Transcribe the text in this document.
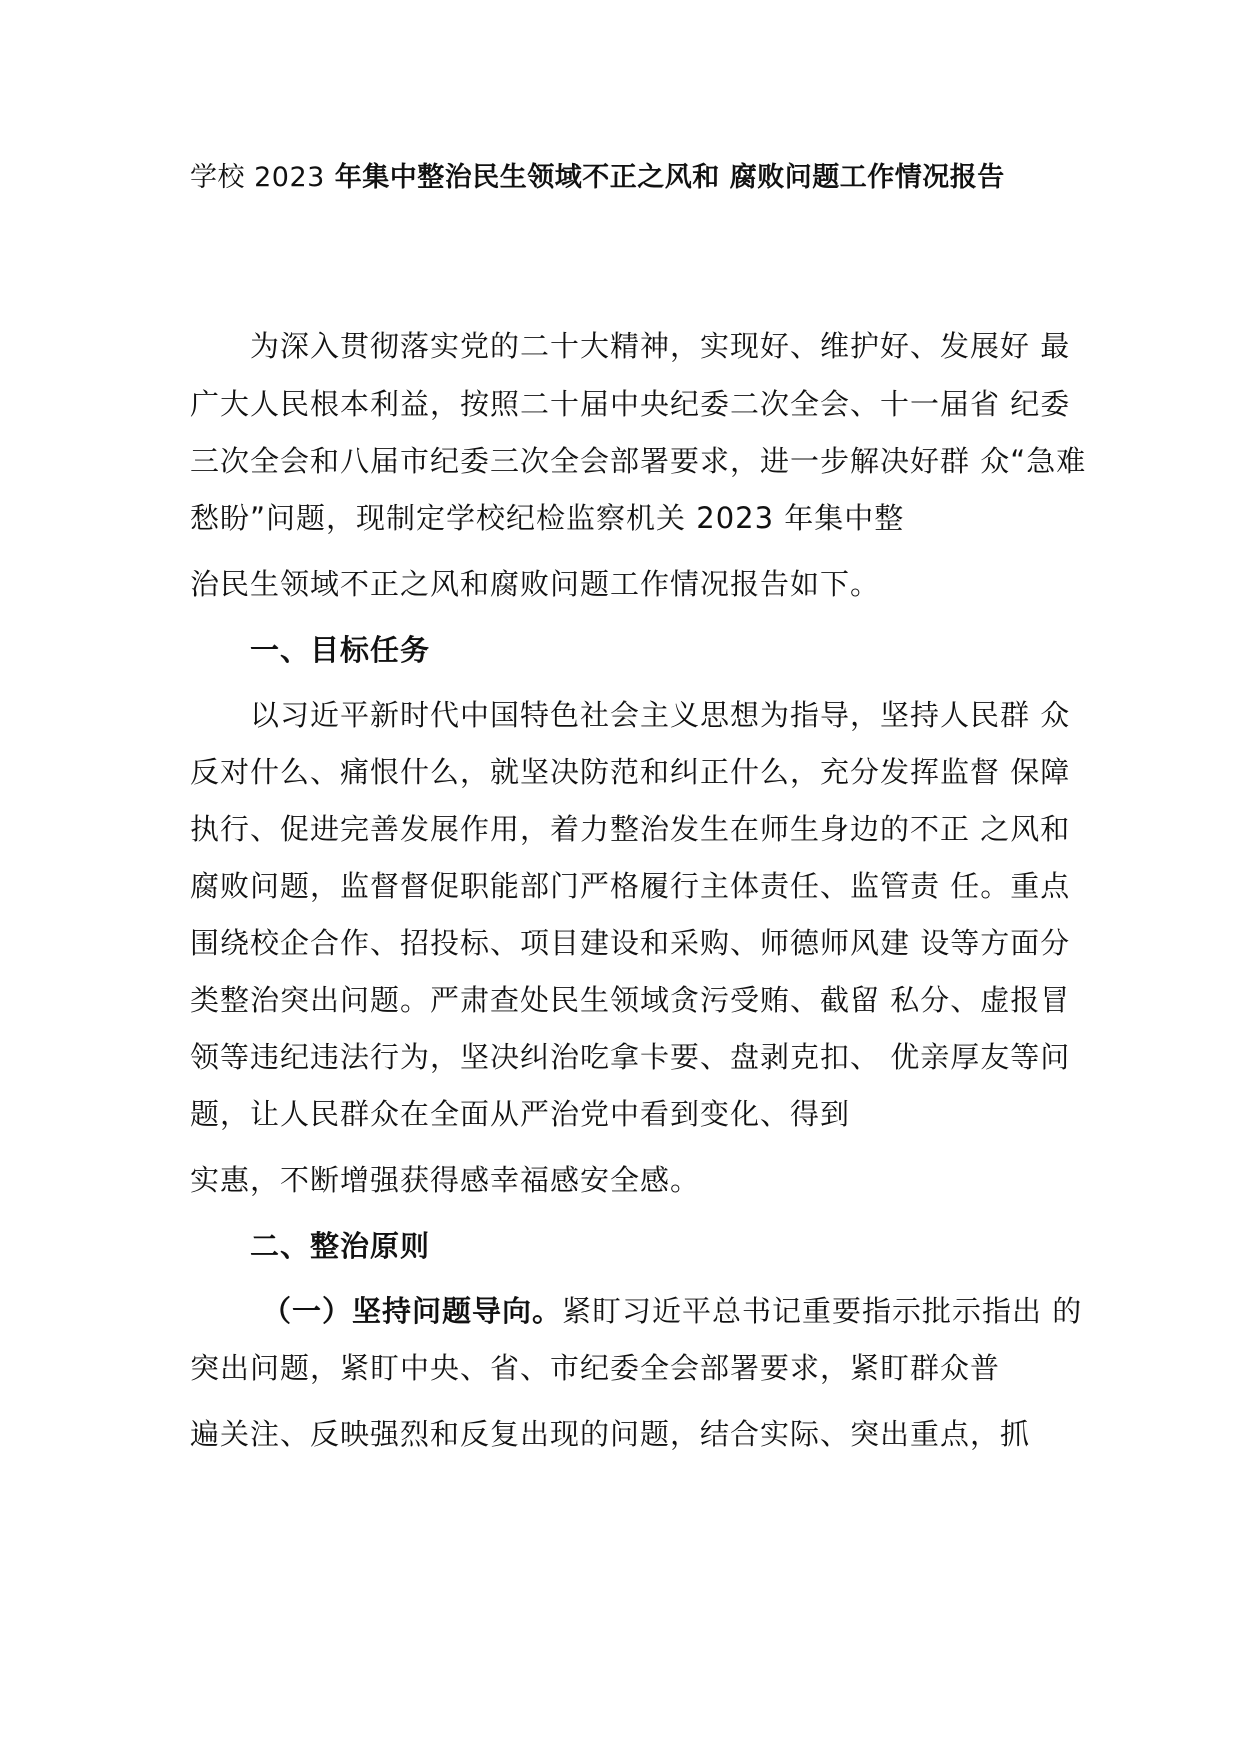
学校 2023 年集中整治民生领域不正之风和 腐败问题工作情况报告
为深入贯彻落实党的二十大精神，实现好、维护好、发展好 最
广大人民根本利益，按照二十届中央纪委二次全会、十一届省 纪委
三次全会和八届市纪委三次全会部署要求，进一步解决好群 众“急难
愁盼”问题，现制定学校纪检监察机关 2023 年集中整
治民生领域不正之风和腐败问题工作情况报告如下。
一、目标任务
以习近平新时代中国特色社会主义思想为指导，坚持人民群 众
反对什么、痛恨什么，就坚决防范和纠正什么，充分发挥监督 保障
执行、促进完善发展作用，着力整治发生在师生身边的不正 之风和
腐败问题，监督督促职能部门严格履行主体责任、监管责 任。重点
围绕校企合作、招投标、项目建设和采购、师德师风建 设等方面分
类整治突出问题。严肃查处民生领域贪污受贿、截留 私分、虚报冒
领等违纪违法行为，坚决纠治吃拿卡要、盘剥克扣、 优亲厚友等问
题，让人民群众在全面从严治党中看到变化、得到
实惠，不断增强获得感幸福感安全感。
二、整治原则
（一）坚持问题导向。紧盯习近平总书记重要指示批示指出 的
突出问题，紧盯中央、省、市纪委全会部署要求，紧盯群众普
遍关注、反映强烈和反复出现的问题，结合实际、突出重点，抓
